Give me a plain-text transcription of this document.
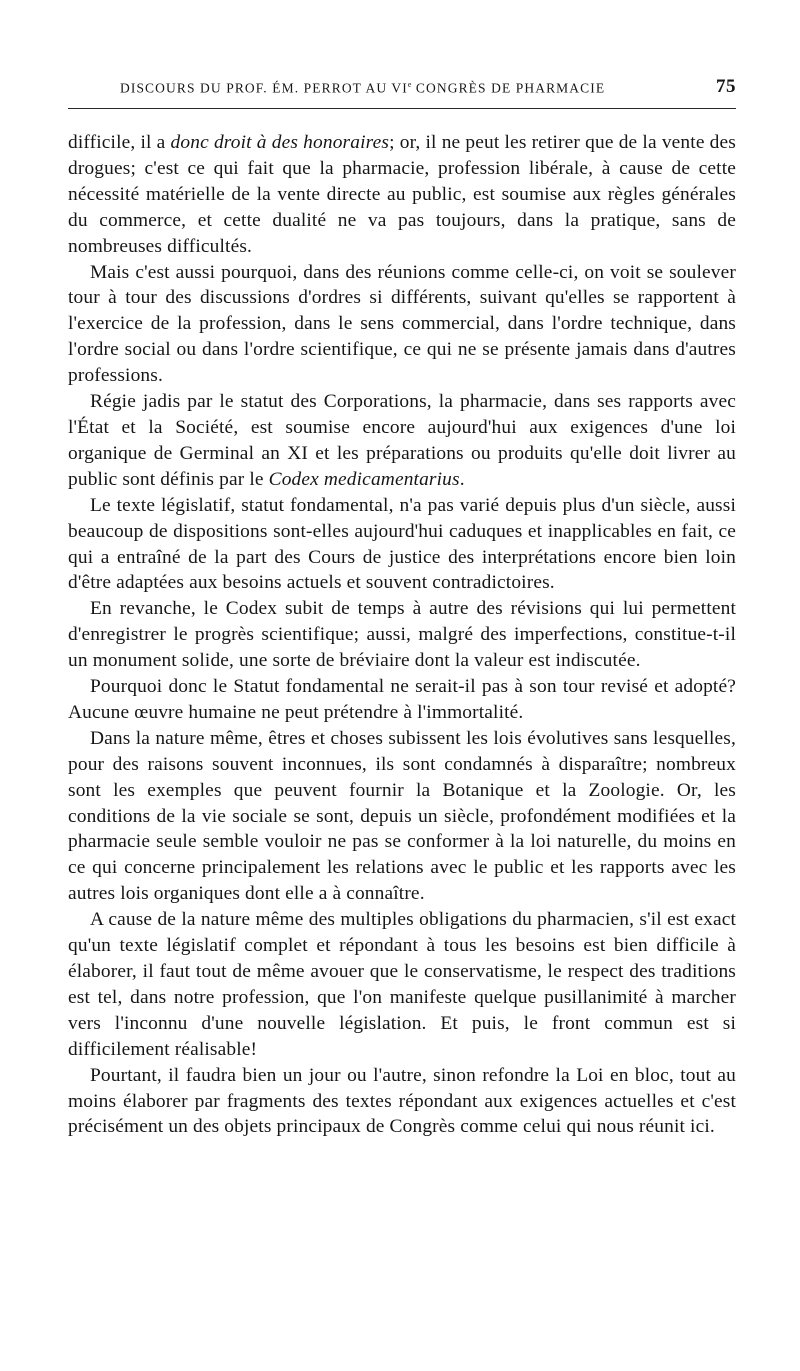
DISCOURS DU PROF. ÉM. PERROT AU VIe CONGRÈS DE PHARMACIE	75

difficile, il a donc droit à des honoraires; or, il ne peut les retirer que de la vente des drogues; c'est ce qui fait que la pharmacie, profession libérale, à cause de cette nécessité matérielle de la vente directe au public, est soumise aux règles générales du commerce, et cette dualité ne va pas toujours, dans la pratique, sans de nombreuses difficultés.

Mais c'est aussi pourquoi, dans des réunions comme celle-ci, on voit se soulever tour à tour des discussions d'ordres si différents, suivant qu'elles se rapportent à l'exercice de la profession, dans le sens commercial, dans l'ordre technique, dans l'ordre social ou dans l'ordre scientifique, ce qui ne se présente jamais dans d'autres professions.

Régie jadis par le statut des Corporations, la pharmacie, dans ses rapports avec l'État et la Société, est soumise encore aujourd'hui aux exigences d'une loi organique de Germinal an XI et les préparations ou produits qu'elle doit livrer au public sont définis par le Codex medicamentarius.

Le texte législatif, statut fondamental, n'a pas varié depuis plus d'un siècle, aussi beaucoup de dispositions sont-elles aujourd'hui caduques et inapplicables en fait, ce qui a entraîné de la part des Cours de justice des interprétations encore bien loin d'être adaptées aux besoins actuels et souvent contradictoires.

En revanche, le Codex subit de temps à autre des révisions qui lui permettent d'enregistrer le progrès scientifique; aussi, malgré des imperfections, constitue-t-il un monument solide, une sorte de bréviaire dont la valeur est indiscutée.

Pourquoi donc le Statut fondamental ne serait-il pas à son tour revisé et adopté? Aucune œuvre humaine ne peut prétendre à l'immortalité.

Dans la nature même, êtres et choses subissent les lois évolutives sans lesquelles, pour des raisons souvent inconnues, ils sont condamnés à disparaître; nombreux sont les exemples que peuvent fournir la Botanique et la Zoologie. Or, les conditions de la vie sociale se sont, depuis un siècle, profondément modifiées et la pharmacie seule semble vouloir ne pas se conformer à la loi naturelle, du moins en ce qui concerne principalement les relations avec le public et les rapports avec les autres lois organiques dont elle a à connaître.

A cause de la nature même des multiples obligations du pharmacien, s'il est exact qu'un texte législatif complet et répondant à tous les besoins est bien difficile à élaborer, il faut tout de même avouer que le conservatisme, le respect des traditions est tel, dans notre profession, que l'on manifeste quelque pusillanimité à marcher vers l'inconnu d'une nouvelle législation. Et puis, le front commun est si difficilement réalisable!

Pourtant, il faudra bien un jour ou l'autre, sinon refondre la Loi en bloc, tout au moins élaborer par fragments des textes répondant aux exigences actuelles et c'est précisément un des objets principaux de Congrès comme celui qui nous réunit ici.
